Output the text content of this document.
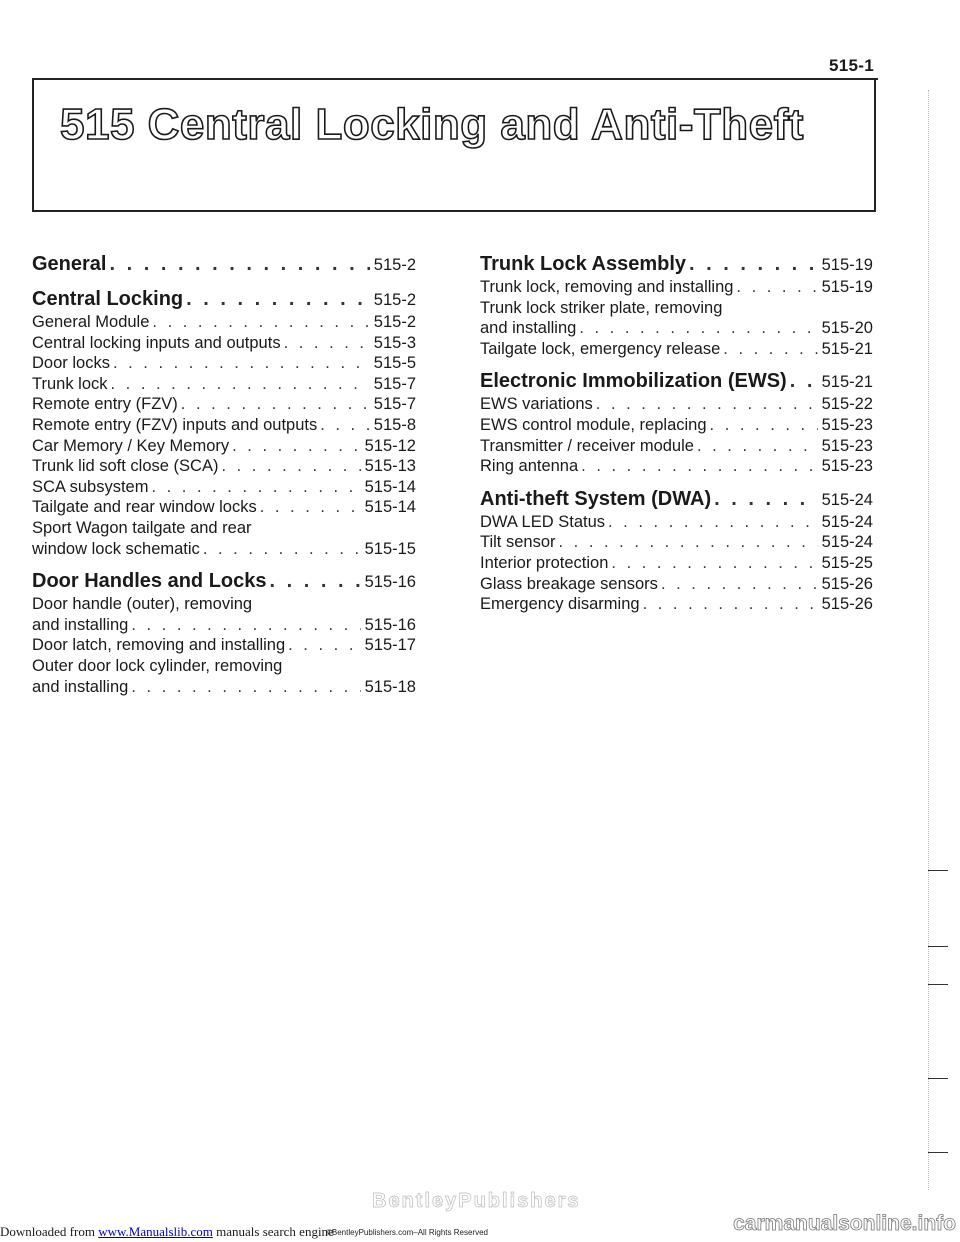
515-1
515 Central Locking and Anti-Theft
General . . .	515-2
Central Locking . . .	515-2
General Module . . .	515-2
Central locking inputs and outputs . . .	515-3
Door locks . . .	515-5
Trunk lock . . .	515-7
Remote entry (FZV) . . .	515-7
Remote entry (FZV) inputs and outputs . . .	515-8
Car Memory / Key Memory . . .	515-12
Trunk lid soft close (SCA) . . .	515-13
SCA subsystem . . .	515-14
Tailgate and rear window locks . . .	515-14
Sport Wagon tailgate and rear
window lock schematic . . .	515-15
Door Handles and Locks . . .	515-16
Door handle (outer), removing
and installing . . .	515-16
Door latch, removing and installing . . .	515-17
Outer door lock cylinder, removing
and installing . . .	515-18
Trunk Lock Assembly . . .	515-19
Trunk lock, removing and installing . . .	515-19
Trunk lock striker plate, removing
and installing . . .	515-20
Tailgate lock, emergency release . . .	515-21
Electronic Immobilization (EWS) . . . 515-21
EWS variations . . .	515-22
EWS control module, replacing . . .	515-23
Transmitter / receiver module . . .	515-23
Ring antenna . . .	515-23
Anti-theft System (DWA) . . .	515-24
DWA LED Status . . .	515-24
Tilt sensor . . .	515-24
Interior protection . . .	515-25
Glass breakage sensors . . .	515-26
Emergency disarming . . .	515-26
BentleyPublishers
Downloaded from www.Manualslib.com manuals search engine
©BentleyPublishers.com–All Rights Reserved	carmanualsonline.info
